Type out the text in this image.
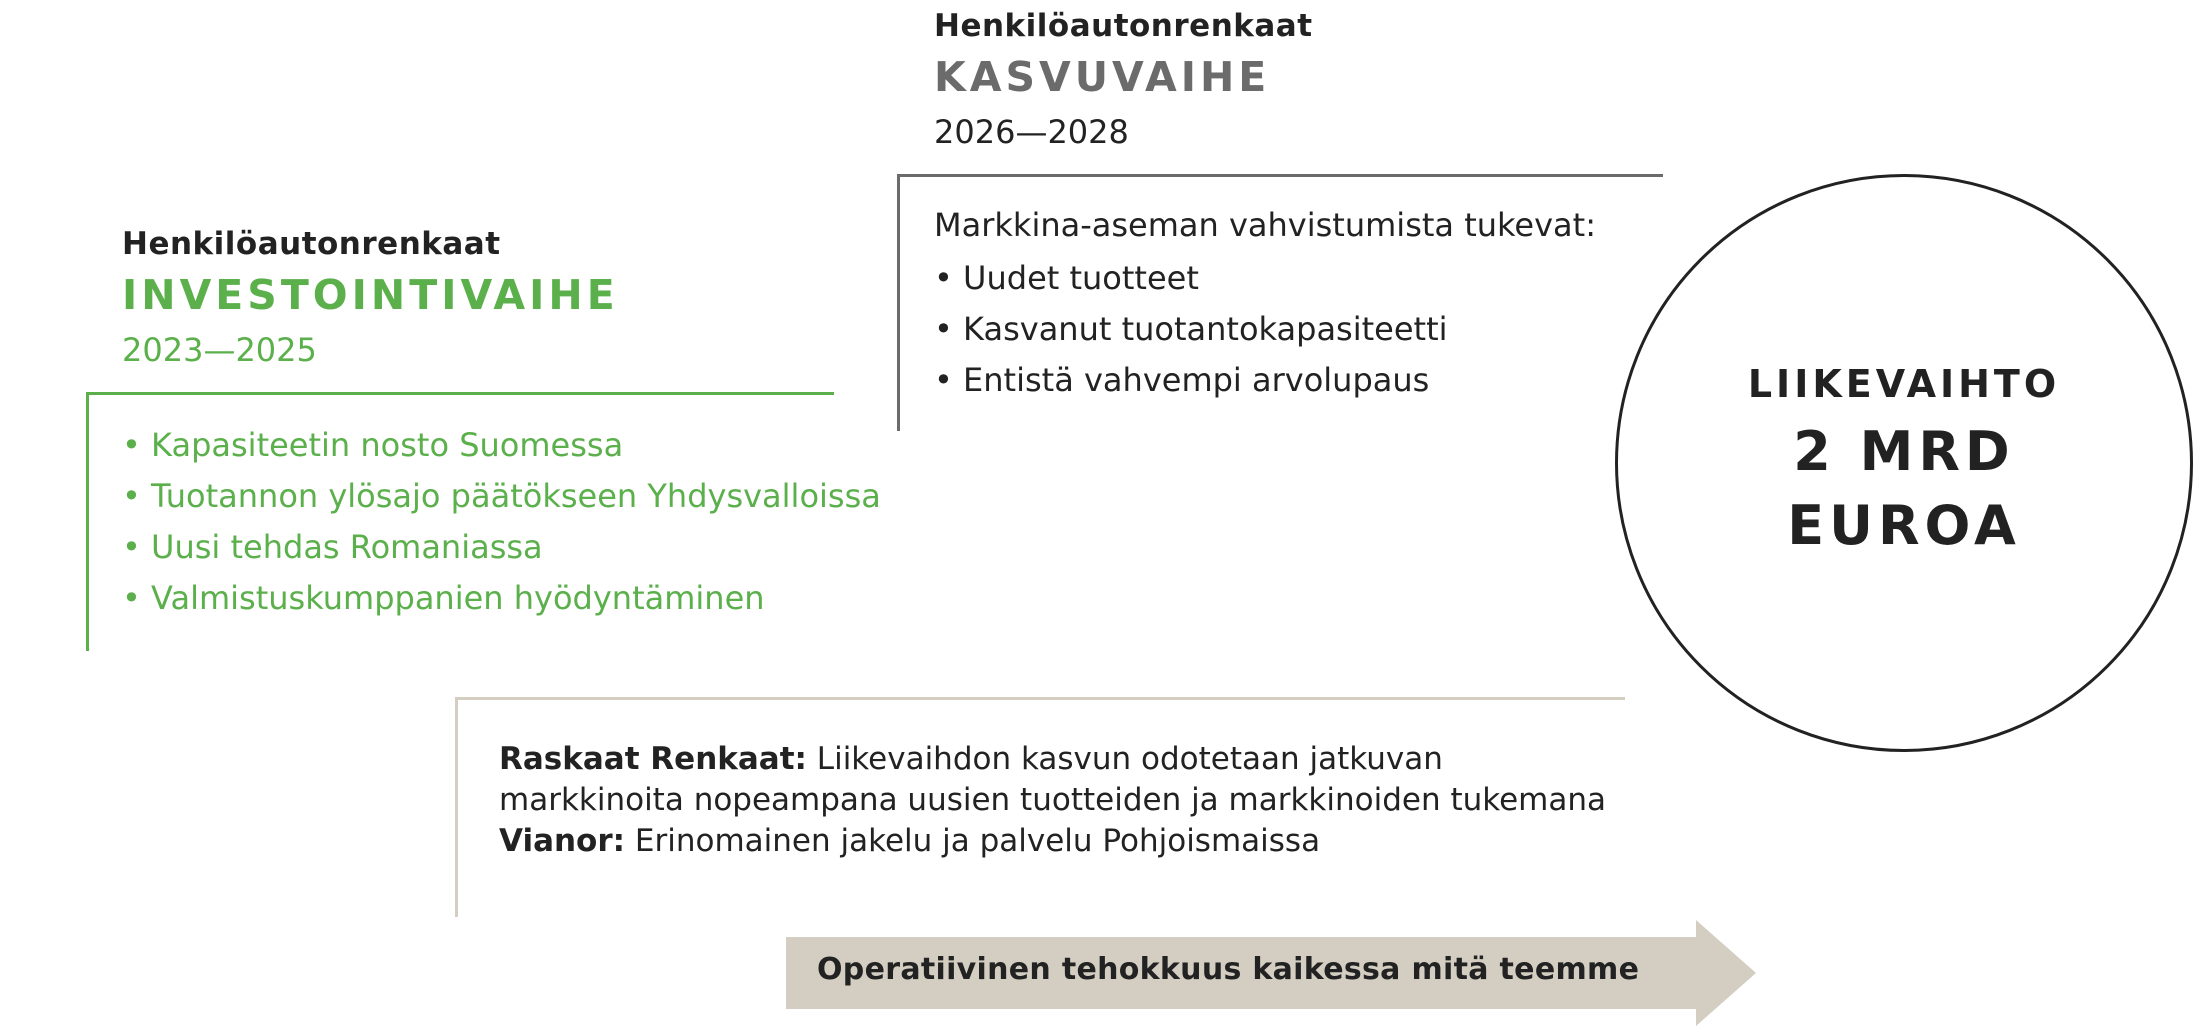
Henkilöautonrenkaat
INVESTOINTIVAIHE
2023—2025
• Kapasiteetin nosto Suomessa
• Tuotannon ylösajo päätökseen Yhdysvalloissa
• Uusi tehdas Romaniassa
• Valmistuskumppanien hyödyntäminen
Henkilöautonrenkaat
KASVUVAIHE
2026—2028
Markkina-aseman vahvistumista tukevat:
• Uudet tuotteet
• Kasvanut tuotantokapasiteetti
• Entistä vahvempi arvolupaus	LIIKEVAIHTO
2 MRD
EUROA
Raskaat Renkaat: Liikevaihdon kasvun odotetaan jatkuvan
markkinoita nopeampana uusien tuotteiden ja markkinoiden tukemana
Vianor: Erinomainen jakelu ja palvelu Pohjoismaissa
Operatiivinen tehokkuus kaikessa mitä teemme
